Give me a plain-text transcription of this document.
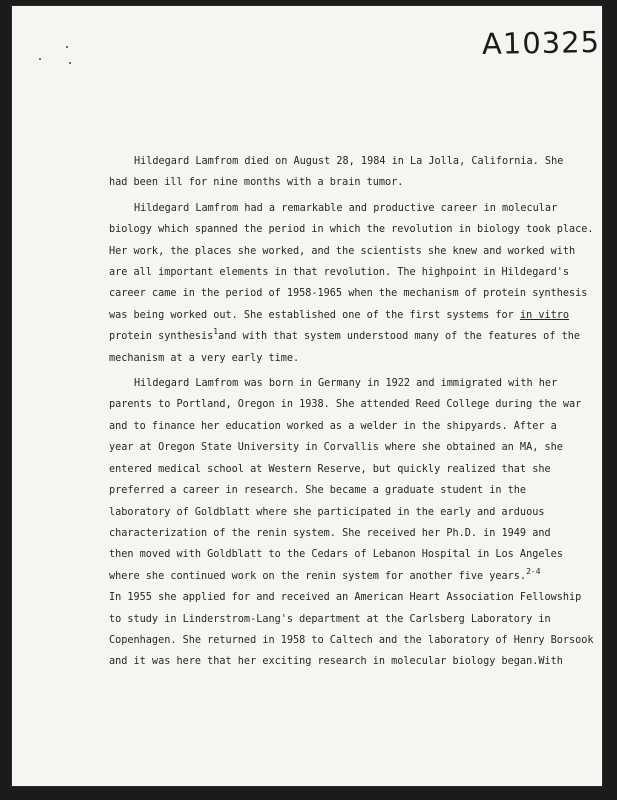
A10325

Hildegard Lamfrom died on August 28, 1984 in La Jolla, California. She
had been ill for nine months with a brain tumor.

Hildegard Lamfrom had a remarkable and productive career in molecular
biology which spanned the period in which the revolution in biology took place.
Her work, the places she worked, and the scientists she knew and worked with
are all important elements in that revolution. The highpoint in Hildegard's
career came in the period of 1958-1965 when the mechanism of protein synthesis
was being worked out. She established one of the first systems for in vitro
protein synthesis$^1$and with that system understood many of the features of the
mechanism at a very early time.

Hildegard Lamfrom was born in Germany in 1922 and immigrated with her
parents to Portland, Oregon in 1938. She attended Reed College during the war
and to finance her education worked as a welder in the shipyards. After a
year at Oregon State University in Corvallis where she obtained an MA, she
entered medical school at Western Reserve, but quickly realized that she
preferred a career in research. She became a graduate student in the
laboratory of Goldblatt where she participated in the early and arduous
characterization of the renin system. She received her Ph.D. in 1949 and
then moved with Goldblatt to the Cedars of Lebanon Hospital in Los Angeles
where she continued work on the renin system for another five years.$^{2-4}$
In 1955 she applied for and received an American Heart Association Fellowship
to study in Linderstrom-Lang's department at the Carlsberg Laboratory in
Copenhagen. She returned in 1958 to Caltech and the laboratory of Henry Borsook
and it was here that her exciting research in molecular biology began.With
